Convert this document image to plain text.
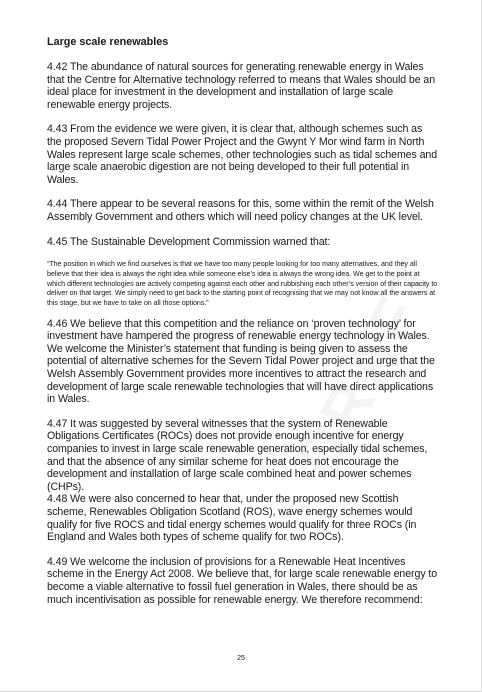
Large scale renewables

4.42 The abundance of natural sources for generating renewable energy in Wales that the Centre for Alternative technology referred to means that Wales should be an ideal place for investment in the development and installation of large scale renewable energy projects.

4.43 From the evidence we were given, it is clear that, although schemes such as the proposed Severn Tidal Power Project and the Gwynt Y Mor wind farm in North Wales represent large scale schemes, other technologies such as tidal schemes and large scale anaerobic digestion are not being developed to their full potential in Wales.

4.44 There appear to be several reasons for this, some within the remit of the Welsh Assembly Government and others which will need policy changes at the UK level.

4.45 The Sustainable Development Commission warned that:

“The position in which we find ourselves is that we have too many people looking for too many alternatives, and they all believe that their idea is always the right idea while someone else’s idea is always the wrong idea. We get to the point at which different technologies are actively competing against each other and rubbishing each other’s version of their capacity to deliver on that target. We simply need to get back to the starting point of recognising that we may not know all the answers at this stage, but we have to take on all those options.”

4.46 We believe that this competition and the reliance on ‘proven technology’ for investment have hampered the progress of renewable energy technology in Wales. We welcome the Minister’s statement that funding is being given to assess the potential of alternative schemes for the Severn Tidal Power project and urge that the Welsh Assembly Government provides more incentives to attract the research and development of large scale renewable technologies that will have direct applications in Wales.

4.47 It was suggested by several witnesses that the system of Renewable Obligations Certificates (ROCs) does not provide enough incentive for energy companies to invest in large scale renewable generation, especially tidal schemes, and that the absence of any similar scheme for heat does not encourage the development and installation of large scale combined heat and power schemes (CHPs).

4.48 We were also concerned to hear that, under the proposed new Scottish scheme, Renewables Obligation Scotland (ROS), wave energy schemes would qualify for five ROCS and tidal energy schemes would qualify for three ROCs (in England and Wales both types of scheme qualify for two ROCs).

4.49 We welcome the inclusion of provisions for a Renewable Heat Incentives scheme in the Energy Act 2008. We believe that, for large scale renewable energy to become a viable alternative to fossil fuel generation in Wales, there should be as much incentivisation as possible for renewable energy. We therefore recommend:

25
